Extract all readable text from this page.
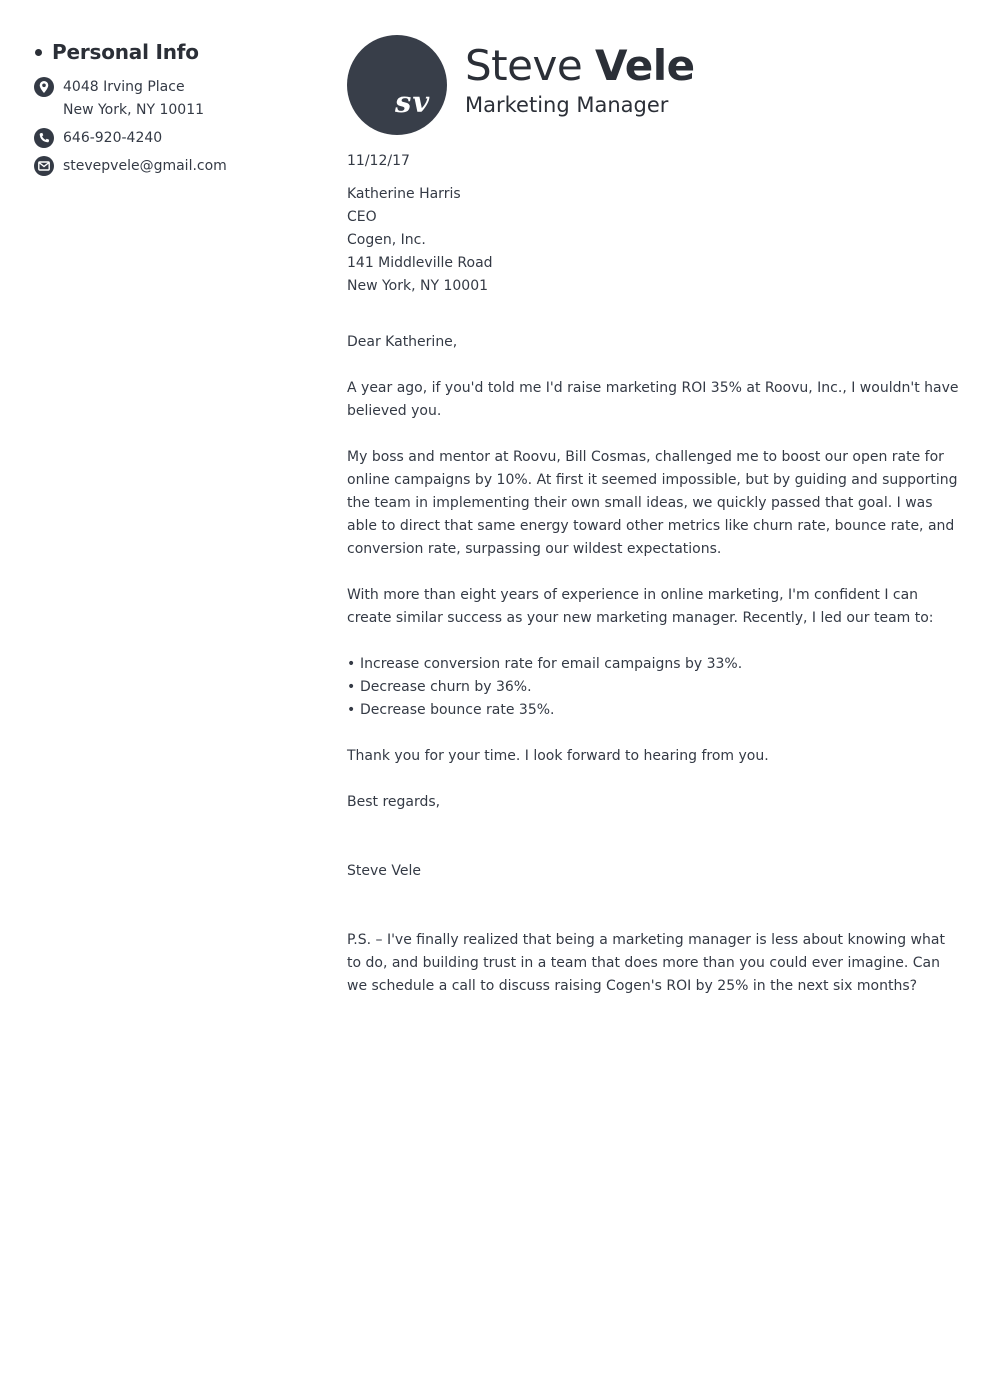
Personal Info
4048 Irving Place
New York, NY 10011
646-920-4240
stevepvele@gmail.com
sv
Steve Vele
Marketing Manager
11/12/17
Katherine Harris
CEO
Cogen, Inc.
141 Middleville Road
New York, NY 10001
Dear Katherine,

A year ago, if you'd told me I'd raise marketing ROI 35% at Roovu, Inc., I wouldn't have believed you.

My boss and mentor at Roovu, Bill Cosmas, challenged me to boost our open rate for online campaigns by 10%. At first it seemed impossible, but by guiding and supporting the team in implementing their own small ideas, we quickly passed that goal. I was able to direct that same energy toward other metrics like churn rate, bounce rate, and conversion rate, surpassing our wildest expectations.

With more than eight years of experience in online marketing, I'm confident I can create similar success as your new marketing manager. Recently, I led our team to:

• Increase conversion rate for email campaigns by 33%.
• Decrease churn by 36%.
• Decrease bounce rate 35%.

Thank you for your time. I look forward to hearing from you.

Best regards,

Steve Vele

P.S. – I've finally realized that being a marketing manager is less about knowing what to do, and building trust in a team that does more than you could ever imagine. Can we schedule a call to discuss raising Cogen's ROI by 25% in the next six months?
